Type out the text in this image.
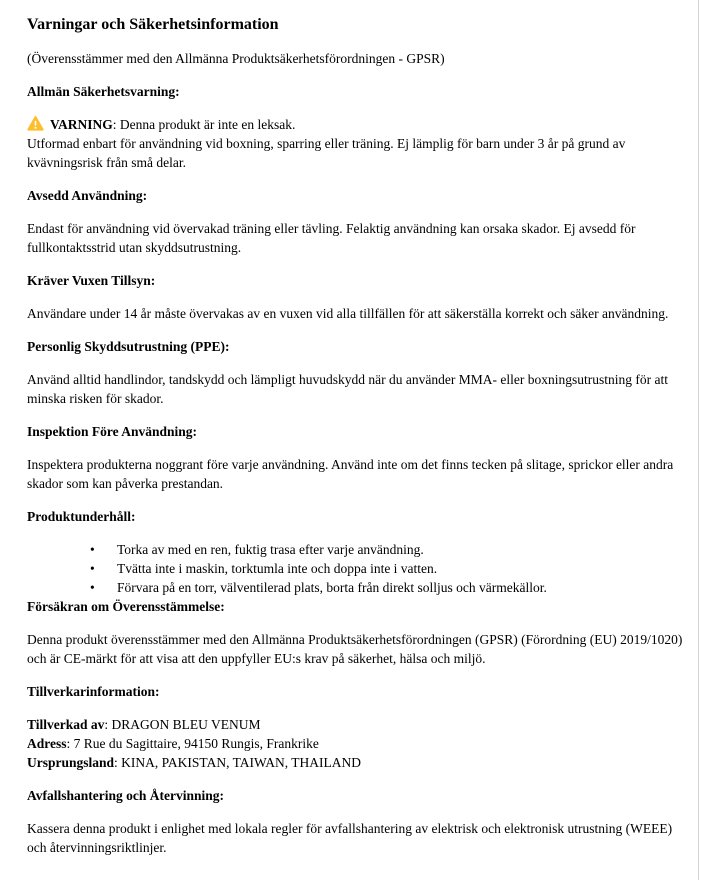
Varningar och Säkerhetsinformation

(Överensstämmer med den Allmänna Produktsäkerhetsförordningen - GPSR)

Allmän Säkerhetsvarning:
VARNING: Denna produkt är inte en leksak.
Utformad enbart för användning vid boxning, sparring eller träning. Ej lämplig för barn under 3 år på grund av kvävningsrisk från små delar.
Avsedd Användning:

Endast för användning vid övervakad träning eller tävling. Felaktig användning kan orsaka skador. Ej avsedd för fullkontaktsstrid utan skyddsutrustning.

Kräver Vuxen Tillsyn:

Användare under 14 år måste övervakas av en vuxen vid alla tillfällen för att säkerställa korrekt och säker användning.

Personlig Skyddsutrustning (PPE):

Använd alltid handlindor, tandskydd och lämpligt huvudskydd när du använder MMA- eller boxningsutrustning för att minska risken för skador.

Inspektion Före Användning:

Inspektera produkterna noggrant före varje användning. Använd inte om det finns tecken på slitage, sprickor eller andra skador som kan påverka prestandan.

Produktunderhåll:
•	Torka av med en ren, fuktig trasa efter varje användning.
•	Tvätta inte i maskin, torktumla inte och doppa inte i vatten.
•	Förvara på en torr, välventilerad plats, borta från direkt solljus och värmekällor.
Försäkran om Överensstämmelse:

Denna produkt överensstämmer med den Allmänna Produktsäkerhetsförordningen (GPSR) (Förordning (EU) 2019/1020) och är CE-märkt för att visa att den uppfyller EU:s krav på säkerhet, hälsa och miljö.

Tillverkarinformation:
Tillverkad av: DRAGON BLEU VENUM
Adress: 7 Rue du Sagittaire, 94150 Rungis, Frankrike
Ursprungsland: KINA, PAKISTAN, TAIWAN, THAILAND
Avfallshantering och Återvinning:

Kassera denna produkt i enlighet med lokala regler för avfallshantering av elektrisk och elektronisk utrustning (WEEE) och återvinningsriktlinjer.
